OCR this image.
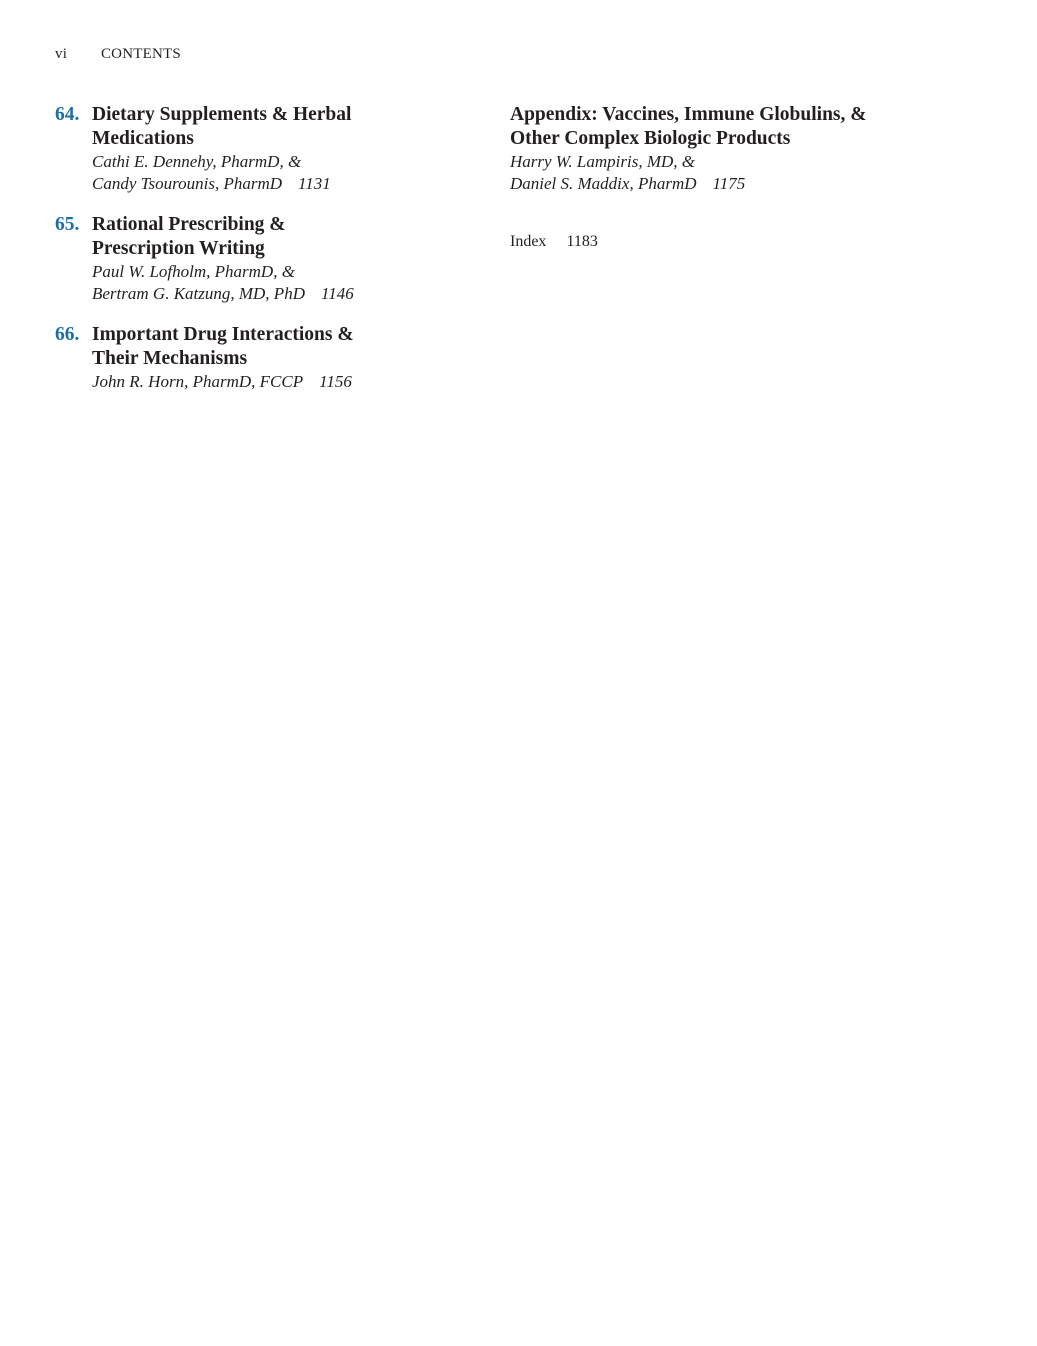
vi CONTENTS
64. Dietary Supplements & Herbal
Medications
Cathi E. Dennehy, PharmD, &
Candy Tsourounis, PharmD 1131
65. Rational Prescribing &
Prescription Writing
Paul W. Lofholm, PharmD, &
Bertram G. Katzung, MD, PhD 1146
66. Important Drug Interactions &
Their Mechanisms
John R. Horn, PharmD, FCCP 1156
Appendix: Vaccines, Immune Globulins, &
Other Complex Biologic Products
Harry W. Lampiris, MD, &
Daniel S. Maddix, PharmD 1175
Index 1183
